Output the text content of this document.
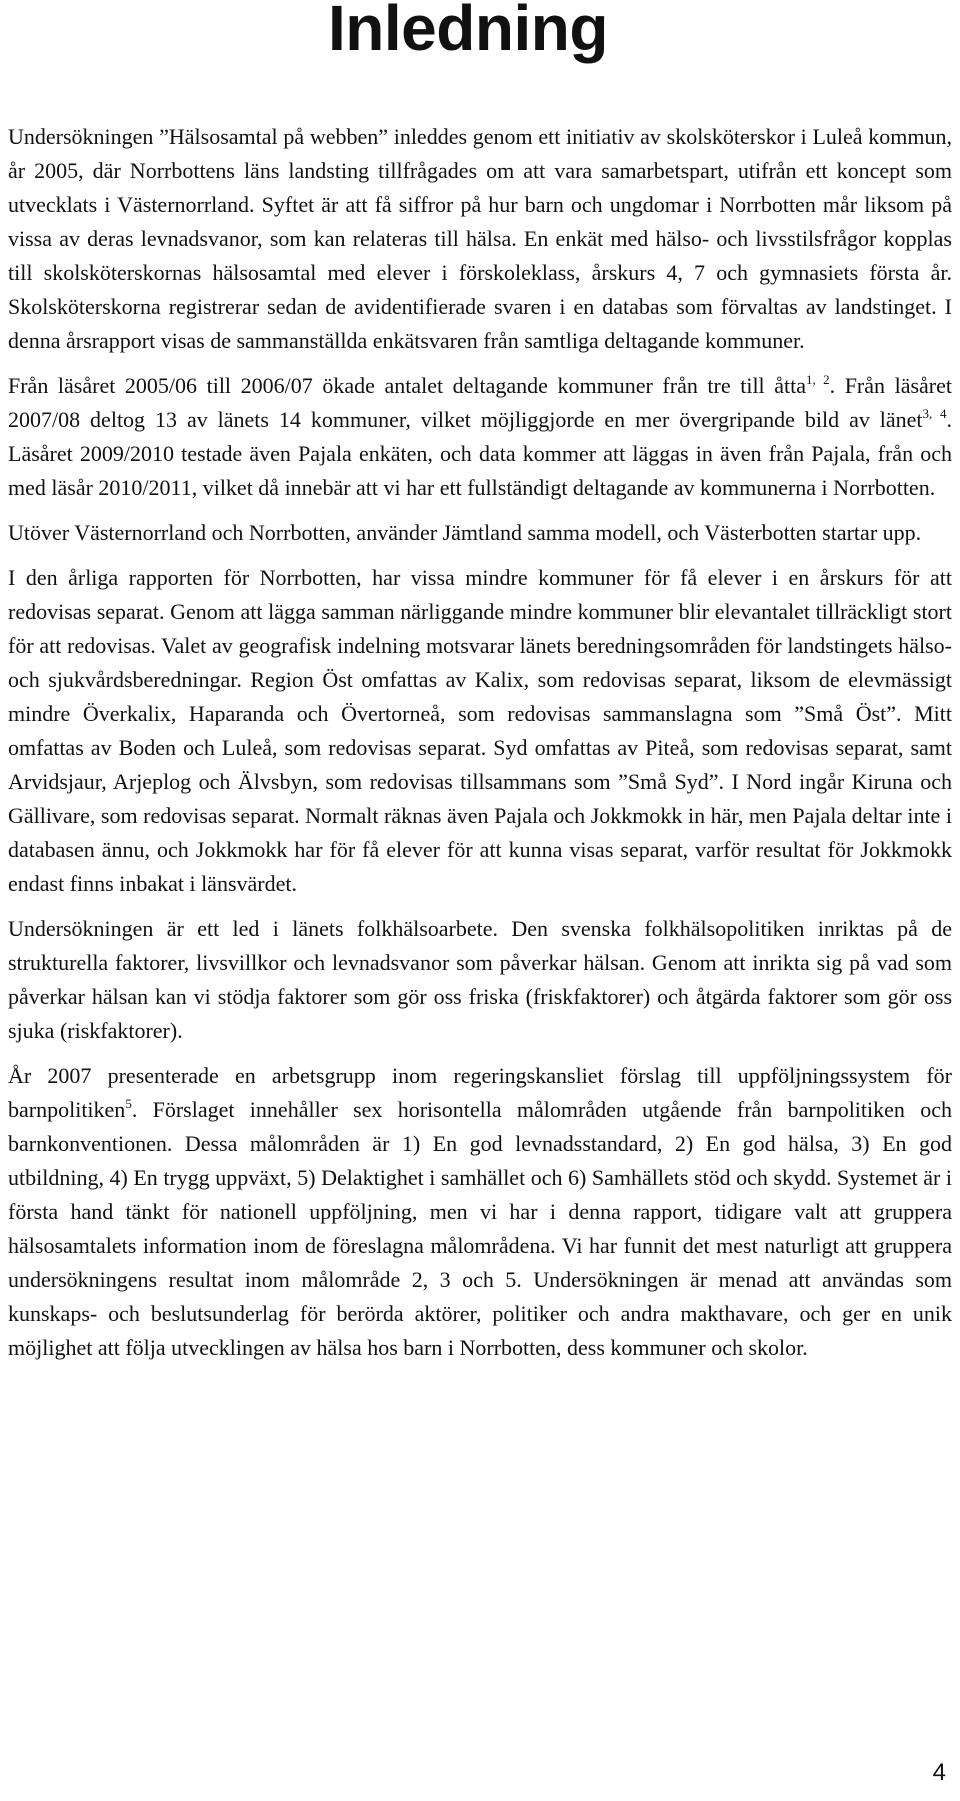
Inledning

Undersökningen ”Hälsosamtal på webben” inleddes genom ett initiativ av skolsköterskor i Luleå kommun, år 2005, där Norrbottens läns landsting tillfrågades om att vara samarbetspart, utifrån ett koncept som utvecklats i Västernorrland. Syftet är att få siffror på hur barn och ungdomar i Norrbotten mår liksom på vissa av deras levnadsvanor, som kan relateras till hälsa. En enkät med hälso- och livsstilsfrågor kopplas till skolsköterskornas hälsosamtal med elever i förskoleklass, årskurs 4, 7 och gymnasiets första år. Skolsköterskorna registrerar sedan de avidentifierade svaren i en databas som förvaltas av landstinget. I denna årsrapport visas de sammanställda enkätsvaren från samtliga deltagande kommuner.

Från läsåret 2005/06 till 2006/07 ökade antalet deltagande kommuner från tre till åtta$^{1, 2}$. Från läsåret 2007/08 deltog 13 av länets 14 kommuner, vilket möjliggjorde en mer övergripande bild av länet$^{3, 4}$. Läsåret 2009/2010 testade även Pajala enkäten, och data kommer att läggas in även från Pajala, från och med läsår 2010/2011, vilket då innebär att vi har ett fullständigt deltagande av kommunerna i Norrbotten.

Utöver Västernorrland och Norrbotten, använder Jämtland samma modell, och Västerbotten startar upp.

I den årliga rapporten för Norrbotten, har vissa mindre kommuner för få elever i en årskurs för att redovisas separat. Genom att lägga samman närliggande mindre kommuner blir elevantalet tillräckligt stort för att redovisas. Valet av geografisk indelning motsvarar länets beredningsområden för landstingets hälso- och sjukvårdsberedningar. Region Öst omfattas av Kalix, som redovisas separat, liksom de elevmässigt mindre Överkalix, Haparanda och Övertorneå, som redovisas sammanslagna som ”Små Öst”. Mitt omfattas av Boden och Luleå, som redovisas separat. Syd omfattas av Piteå, som redovisas separat, samt Arvidsjaur, Arjeplog och Älvsbyn, som redovisas tillsammans som ”Små Syd”. I Nord ingår Kiruna och Gällivare, som redovisas separat. Normalt räknas även Pajala och Jokkmokk in här, men Pajala deltar inte i databasen ännu, och Jokkmokk har för få elever för att kunna visas separat, varför resultat för Jokkmokk endast finns inbakat i länsvärdet.

Undersökningen är ett led i länets folkhälsoarbete. Den svenska folkhälsopolitiken inriktas på de strukturella faktorer, livsvillkor och levnadsvanor som påverkar hälsan. Genom att inrikta sig på vad som påverkar hälsan kan vi stödja faktorer som gör oss friska (friskfaktorer) och åtgärda faktorer som gör oss sjuka (riskfaktorer).

År 2007 presenterade en arbetsgrupp inom regeringskansliet förslag till uppföljningssystem för barnpolitiken$^5$. Förslaget innehåller sex horisontella målområden utgående från barnpolitiken och barnkonventionen. Dessa målområden är 1) En god levnadsstandard, 2) En god hälsa, 3) En god utbildning, 4) En trygg uppväxt, 5) Delaktighet i samhället och 6) Samhällets stöd och skydd. Systemet är i första hand tänkt för nationell uppföljning, men vi har i denna rapport, tidigare valt att gruppera hälsosamtalets information inom de föreslagna målområdena. Vi har funnit det mest naturligt att gruppera undersökningens resultat inom målområde 2, 3 och 5. Undersökningen är menad att användas som kunskaps- och beslutsunderlag för berörda aktörer, politiker och andra makthavare, och ger en unik möjlighet att följa utvecklingen av hälsa hos barn i Norrbotten, dess kommuner och skolor.

4
